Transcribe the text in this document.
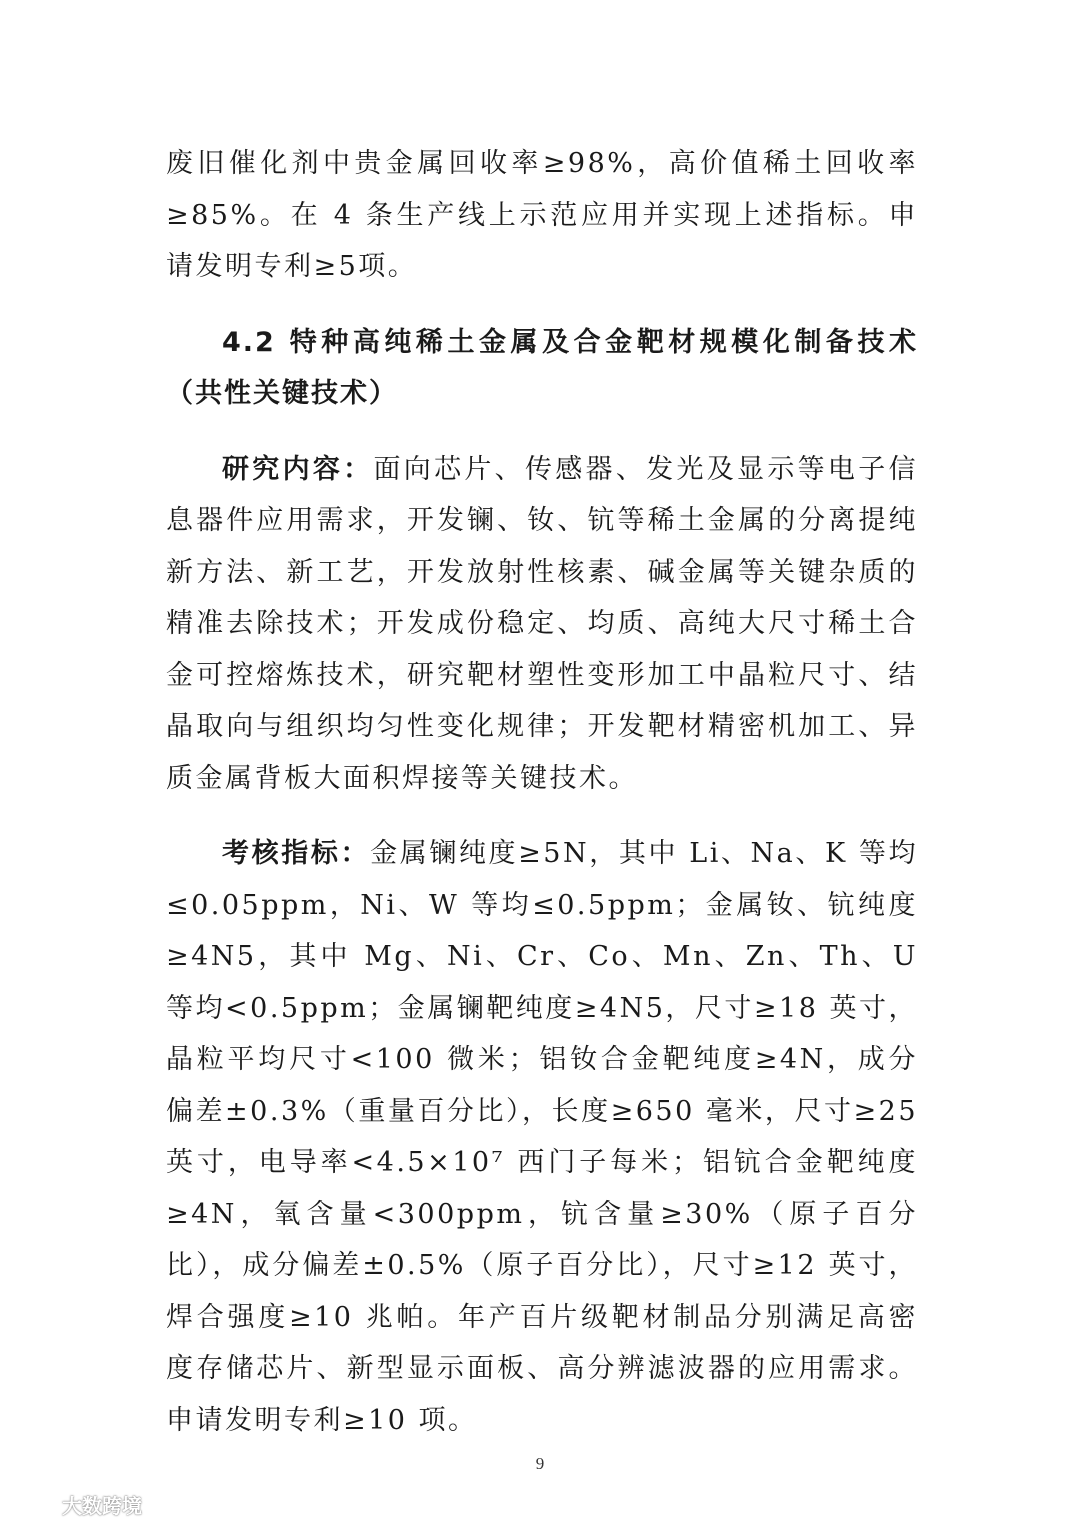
废旧催化剂中贵金属回收率≥98%，高价值稀土回收率≥85%。在 4 条生产线上示范应用并实现上述指标。申请发明专利≥5项。

4.2 特种高纯稀土金属及合金靶材规模化制备技术（共性关键技术）

研究内容：面向芯片、传感器、发光及显示等电子信息器件应用需求，开发镧、钕、钪等稀土金属的分离提纯新方法、新工艺，开发放射性核素、碱金属等关键杂质的精准去除技术；开发成份稳定、均质、高纯大尺寸稀土合金可控熔炼技术，研究靶材塑性变形加工中晶粒尺寸、结晶取向与组织均匀性变化规律；开发靶材精密机加工、异质金属背板大面积焊接等关键技术。

考核指标：金属镧纯度≥5N，其中 Li、Na、K 等均≤0.05ppm，Ni、W 等均≤0.5ppm；金属钕、钪纯度≥4N5，其中 Mg、Ni、Cr、Co、Mn、Zn、Th、U 等均<0.5ppm；金属镧靶纯度≥4N5，尺寸≥18 英寸，晶粒平均尺寸<100 微米；铝钕合金靶纯度≥4N，成分偏差±0.3%（重量百分比），长度≥650 毫米，尺寸≥25 英寸，电导率<4.5×10⁷ 西门子每米；铝钪合金靶纯度≥4N，氧含量<300ppm，钪含量≥30%（原子百分比），成分偏差±0.5%（原子百分比），尺寸≥12 英寸，焊合强度≥10 兆帕。年产百片级靶材制品分别满足高密度存储芯片、新型显示面板、高分辨滤波器的应用需求。申请发明专利≥10 项。

9
大数跨境
